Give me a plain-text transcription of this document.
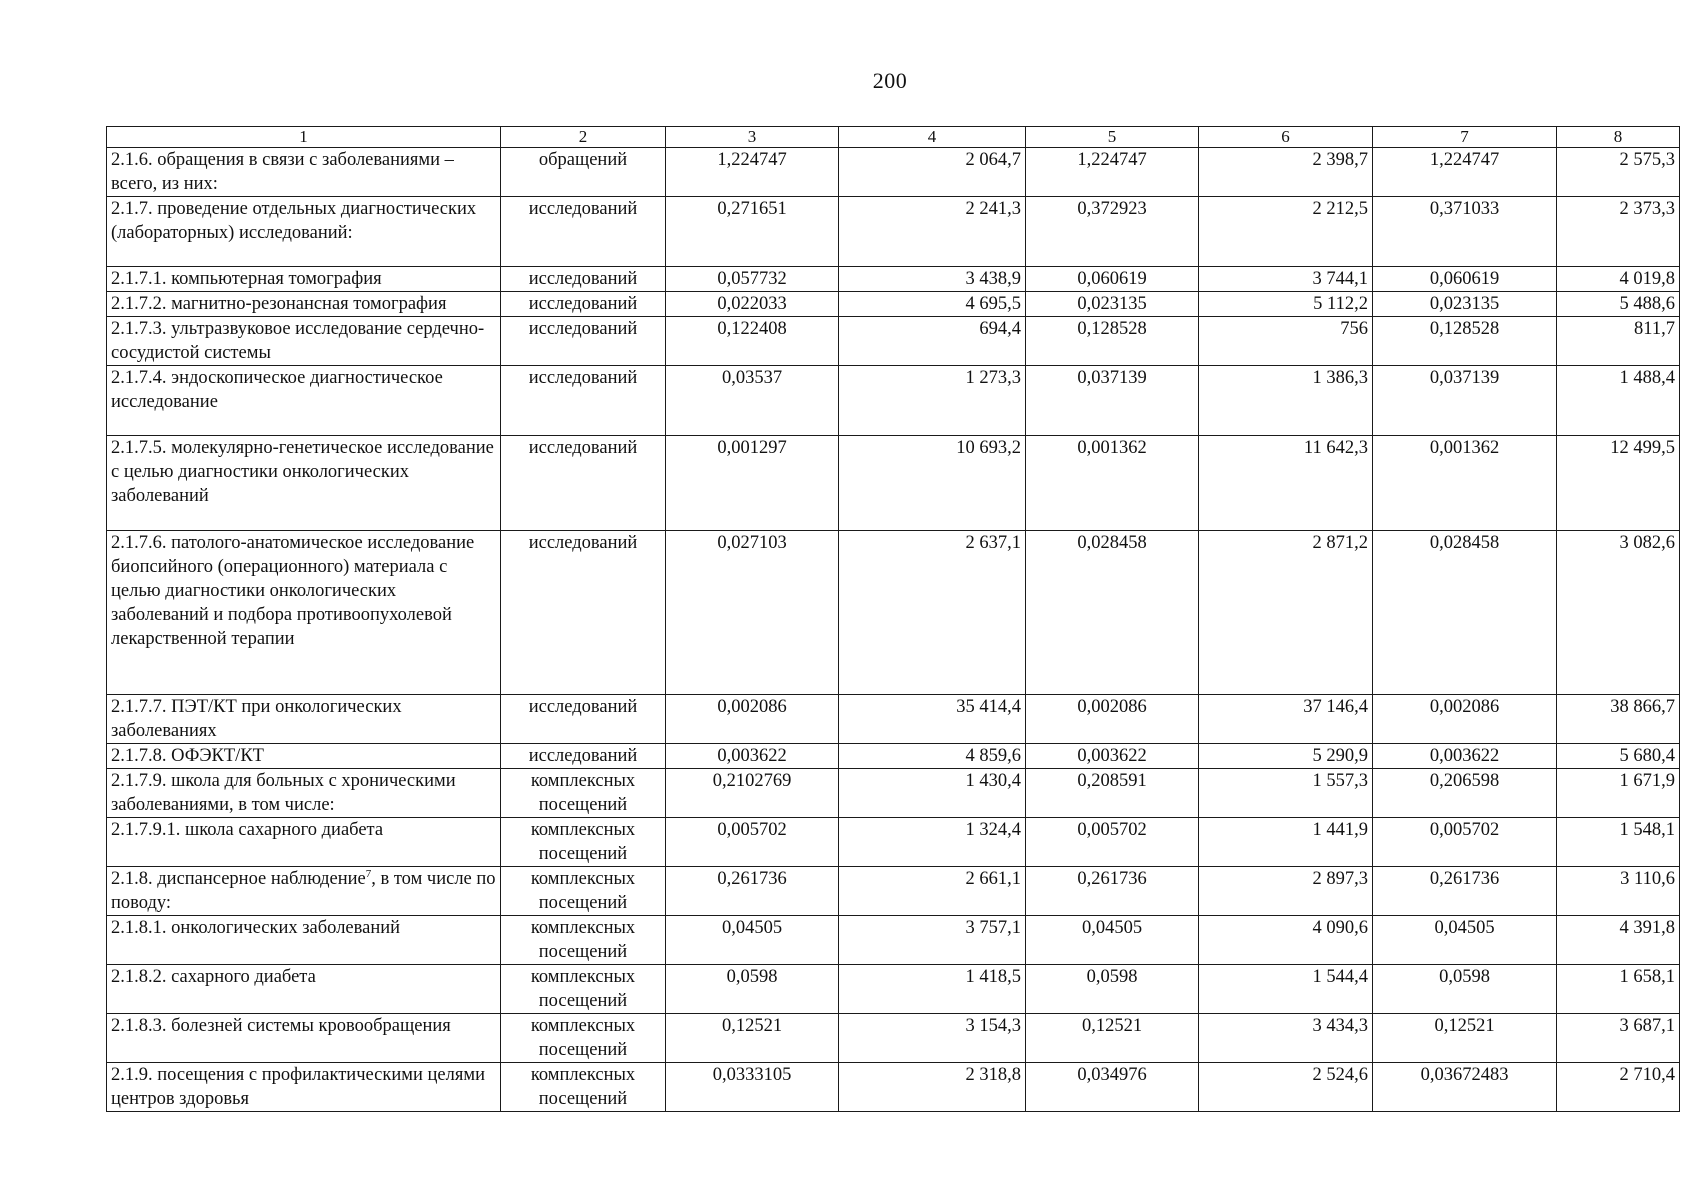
200
1	2	3	4	5	6	7	8
2.1.6. обращения в связи с заболеваниями – всего, из них:	обращений	1,224747	2 064,7	1,224747	2 398,7	1,224747	2 575,3
2.1.7. проведение отдельных диагностических (лабораторных) исследований:	исследований	0,271651	2 241,3	0,372923	2 212,5	0,371033	2 373,3
2.1.7.1. компьютерная томография	исследований	0,057732	3 438,9	0,060619	3 744,1	0,060619	4 019,8
2.1.7.2. магнитно-резонансная томография	исследований	0,022033	4 695,5	0,023135	5 112,2	0,023135	5 488,6
2.1.7.3. ультразвуковое исследование сердечно-сосудистой системы	исследований	0,122408	694,4	0,128528	756	0,128528	811,7
2.1.7.4. эндоскопическое диагностическое исследование	исследований	0,03537	1 273,3	0,037139	1 386,3	0,037139	1 488,4
2.1.7.5. молекулярно-генетическое исследование с целью диагностики онкологических заболеваний	исследований	0,001297	10 693,2	0,001362	11 642,3	0,001362	12 499,5
2.1.7.6. патолого-анатомическое исследование биопсийного (операционного) материала с целью диагностики онкологических заболеваний и подбора противоопухолевой лекарственной терапии	исследований	0,027103	2 637,1	0,028458	2 871,2	0,028458	3 082,6
2.1.7.7. ПЭТ/КТ при онкологических заболеваниях	исследований	0,002086	35 414,4	0,002086	37 146,4	0,002086	38 866,7
2.1.7.8. ОФЭКТ/КТ	исследований	0,003622	4 859,6	0,003622	5 290,9	0,003622	5 680,4
2.1.7.9. школа для больных с хроническими заболеваниями, в том числе:	комплексных посещений	0,2102769	1 430,4	0,208591	1 557,3	0,206598	1 671,9
2.1.7.9.1. школа сахарного диабета	комплексных посещений	0,005702	1 324,4	0,005702	1 441,9	0,005702	1 548,1
2.1.8. диспансерное наблюдение$^7$, в том числе по поводу:	комплексных посещений	0,261736	2 661,1	0,261736	2 897,3	0,261736	3 110,6
2.1.8.1. онкологических заболеваний	комплексных посещений	0,04505	3 757,1	0,04505	4 090,6	0,04505	4 391,8
2.1.8.2. сахарного диабета	комплексных посещений	0,0598	1 418,5	0,0598	1 544,4	0,0598	1 658,1
2.1.8.3. болезней системы кровообращения	комплексных посещений	0,12521	3 154,3	0,12521	3 434,3	0,12521	3 687,1
2.1.9. посещения с профилактическими целями центров здоровья	комплексных посещений	0,0333105	2 318,8	0,034976	2 524,6	0,03672483	2 710,4
